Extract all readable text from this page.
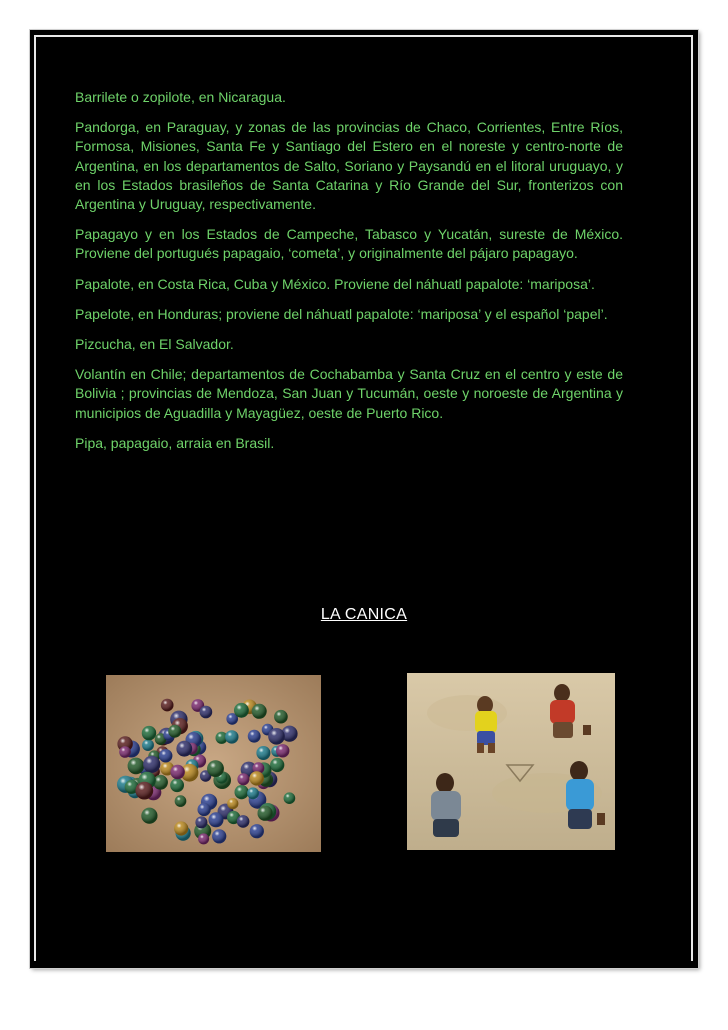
Barrilete o zopilote, en Nicaragua.

Pandorga, en Paraguay, y zonas de las provincias de Chaco, Corrientes, Entre Ríos, Formosa, Misiones, Santa Fe y Santiago del Estero en el noreste y centro-norte de Argentina, en los departamentos de Salto, Soriano y Paysandú en el litoral uruguayo, y en los Estados brasileños de Santa Catarina y Río Grande del Sur, fronterizos con Argentina y Uruguay, respectivamente.

Papagayo y en los Estados de Campeche, Tabasco y Yucatán, sureste de México. Proviene del portugués papagaio, ‘cometa’, y originalmente del pájaro papagayo.

Papalote, en Costa Rica, Cuba y México. Proviene del náhuatl papalote: ‘mariposa’.

Papelote, en Honduras; proviene del náhuatl papalote: ‘mariposa’ y el español ‘papel’.

Pizcucha, en El Salvador.

Volantín en Chile; departamentos de Cochabamba y Santa Cruz en el centro y este de Bolivia ; provincias de Mendoza, San Juan y Tucumán, oeste y noroeste de Argentina y municipios de Aguadilla y Mayagüez, oeste de Puerto Rico.

Pipa, papagaio, arraia en Brasil.

LA CANICA
